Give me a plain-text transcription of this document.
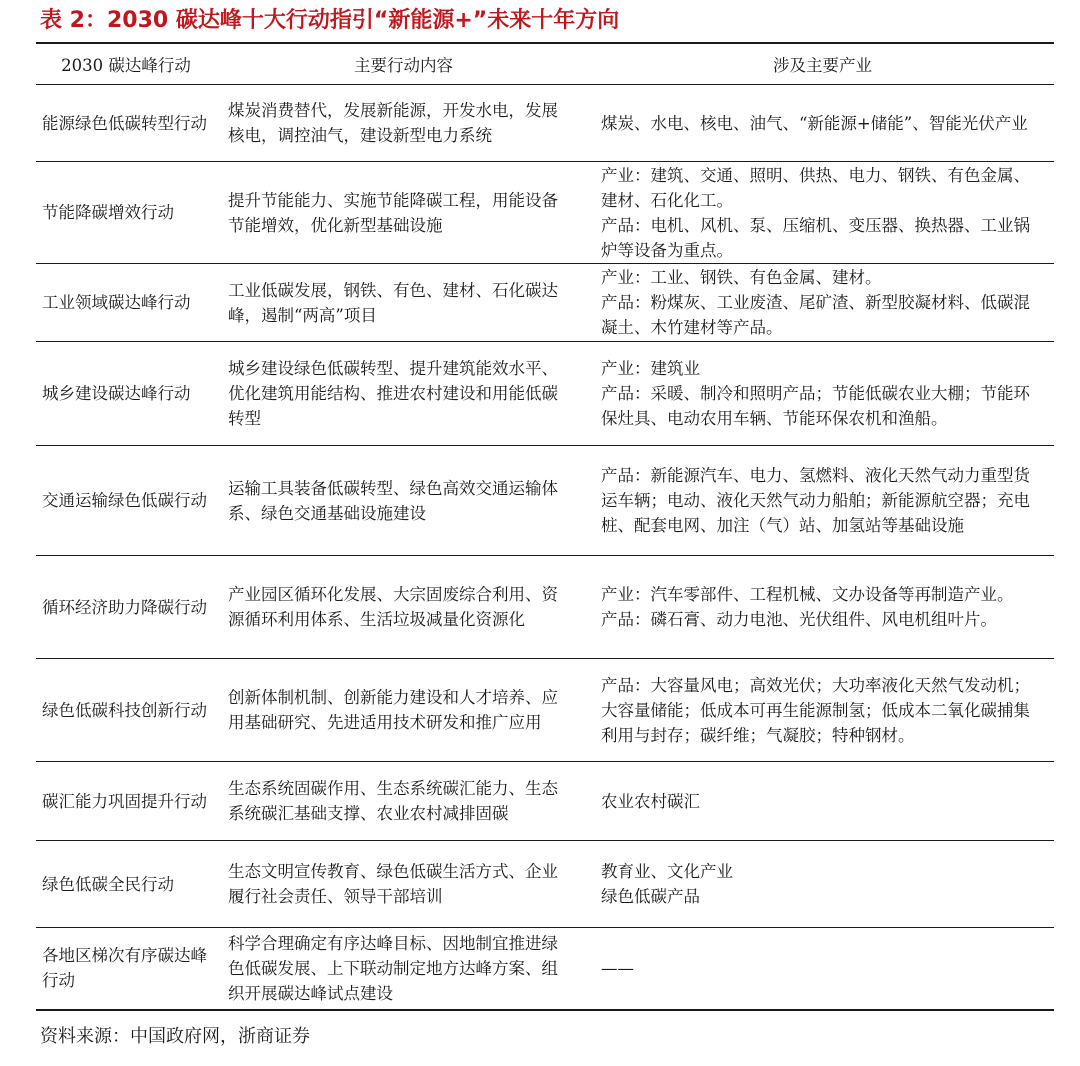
表 2：2030 碳达峰十大行动指引“新能源+”未来十年方向
2030 碳达峰行动	主要行动内容	涉及主要产业
能源绿色低碳转型行动	煤炭消费替代，发展新能源，开发水电，发展核电，调控油气，建设新型电力系统	煤炭、水电、核电、油气、“新能源+储能”、智能光伏产业

节能降碳增效行动	提升节能能力、实施节能降碳工程，用能设备节能增效，优化新型基础设施	产业：建筑、交通、照明、供热、电力、钢铁、有色金属、建材、石化化工。
产品：电机、风机、泵、压缩机、变压器、换热器、工业锅炉等设备为重点。

工业领域碳达峰行动	工业低碳发展，钢铁、有色、建材、石化碳达峰，遏制“两高”项目	产业：工业、钢铁、有色金属、建材。
产品：粉煤灰、工业废渣、尾矿渣、新型胶凝材料、低碳混凝土、木竹建材等产品。

城乡建设碳达峰行动	城乡建设绿色低碳转型、提升建筑能效水平、优化建筑用能结构、推进农村建设和用能低碳转型	产业：建筑业
产品：采暖、制冷和照明产品；节能低碳农业大棚；节能环保灶具、电动农用车辆、节能环保农机和渔船。

交通运输绿色低碳行动	运输工具装备低碳转型、绿色高效交通运输体系、绿色交通基础设施建设	产品：新能源汽车、电力、氢燃料、液化天然气动力重型货运车辆；电动、液化天然气动力船舶；新能源航空器；充电桩、配套电网、加注（气）站、加氢站等基础设施

循环经济助力降碳行动	产业园区循环化发展、大宗固废综合利用、资源循环利用体系、生活垃圾减量化资源化	产业：汽车零部件、工程机械、文办设备等再制造产业。
产品：磷石膏、动力电池、光伏组件、风电机组叶片。

绿色低碳科技创新行动	创新体制机制、创新能力建设和人才培养、应用基础研究、先进适用技术研发和推广应用	产品：大容量风电；高效光伏；大功率液化天然气发动机；大容量储能；低成本可再生能源制氢；低成本二氧化碳捕集利用与封存；碳纤维；气凝胶；特种钢材。

碳汇能力巩固提升行动	生态系统固碳作用、生态系统碳汇能力、生态系统碳汇基础支撑、农业农村减排固碳	农业农村碳汇

绿色低碳全民行动	生态文明宣传教育、绿色低碳生活方式、企业履行社会责任、领导干部培训	教育业、文化产业
绿色低碳产品

各地区梯次有序碳达峰行动	科学合理确定有序达峰目标、因地制宜推进绿色低碳发展、上下联动制定地方达峰方案、组织开展碳达峰试点建设	——
资料来源：中国政府网，浙商证券
